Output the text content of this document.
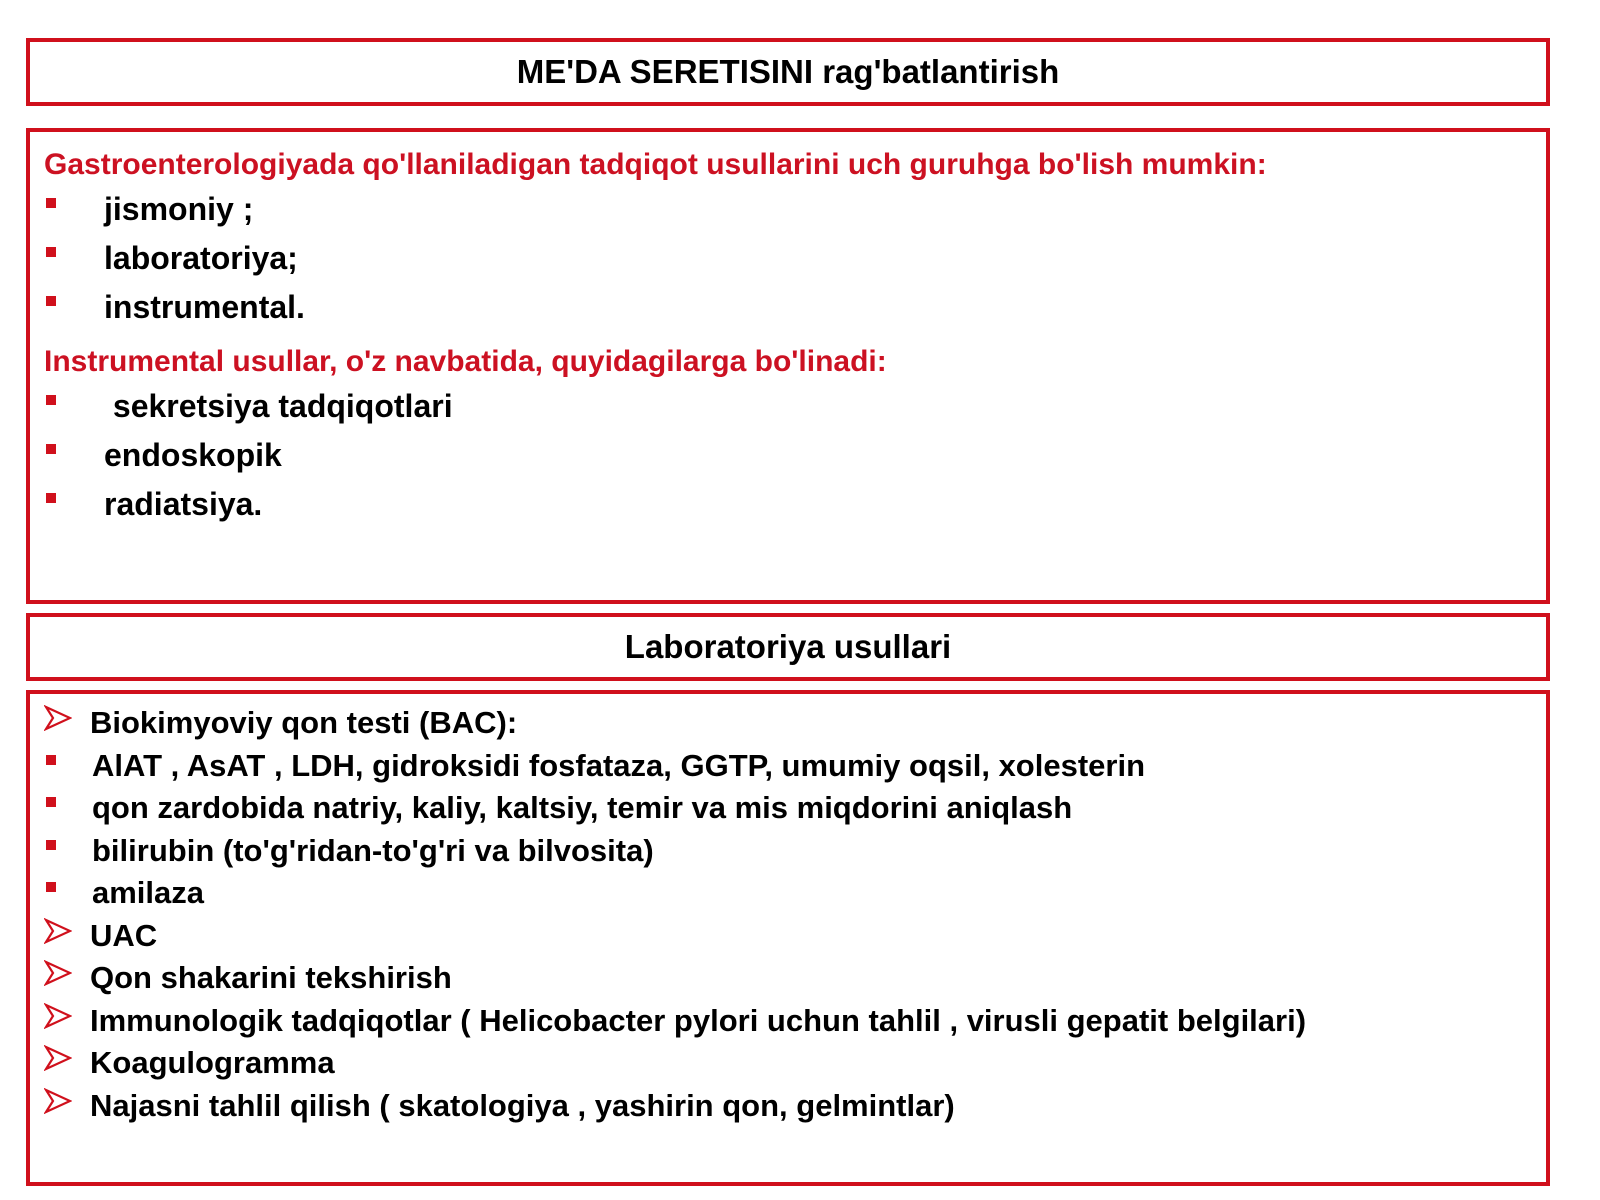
ME'DA SERETISINI rag'batlantirish
Gastroenterologiyada qo'llaniladigan tadqiqot usullarini uch guruhga bo'lish mumkin:
jismoniy ;
laboratoriya;
instrumental.
Instrumental usullar, o'z navbatida, quyidagilarga bo'linadi:
sekretsiya tadqiqotlari
endoskopik
radiatsiya.
Laboratoriya usullari
Biokimyoviy qon testi (BAC):
AlAT , AsAT , LDH, gidroksidi fosfataza, GGTP, umumiy oqsil, xolesterin
qon zardobida natriy, kaliy, kaltsiy, temir va mis miqdorini aniqlash
bilirubin (to'g'ridan-to'g'ri va bilvosita)
amilaza
UAC
Qon shakarini tekshirish
Immunologik tadqiqotlar ( Helicobacter pylori uchun tahlil , virusli gepatit belgilari)
Koagulogramma
Najasni tahlil qilish ( skatologiya , yashirin qon, gelmintlar)
